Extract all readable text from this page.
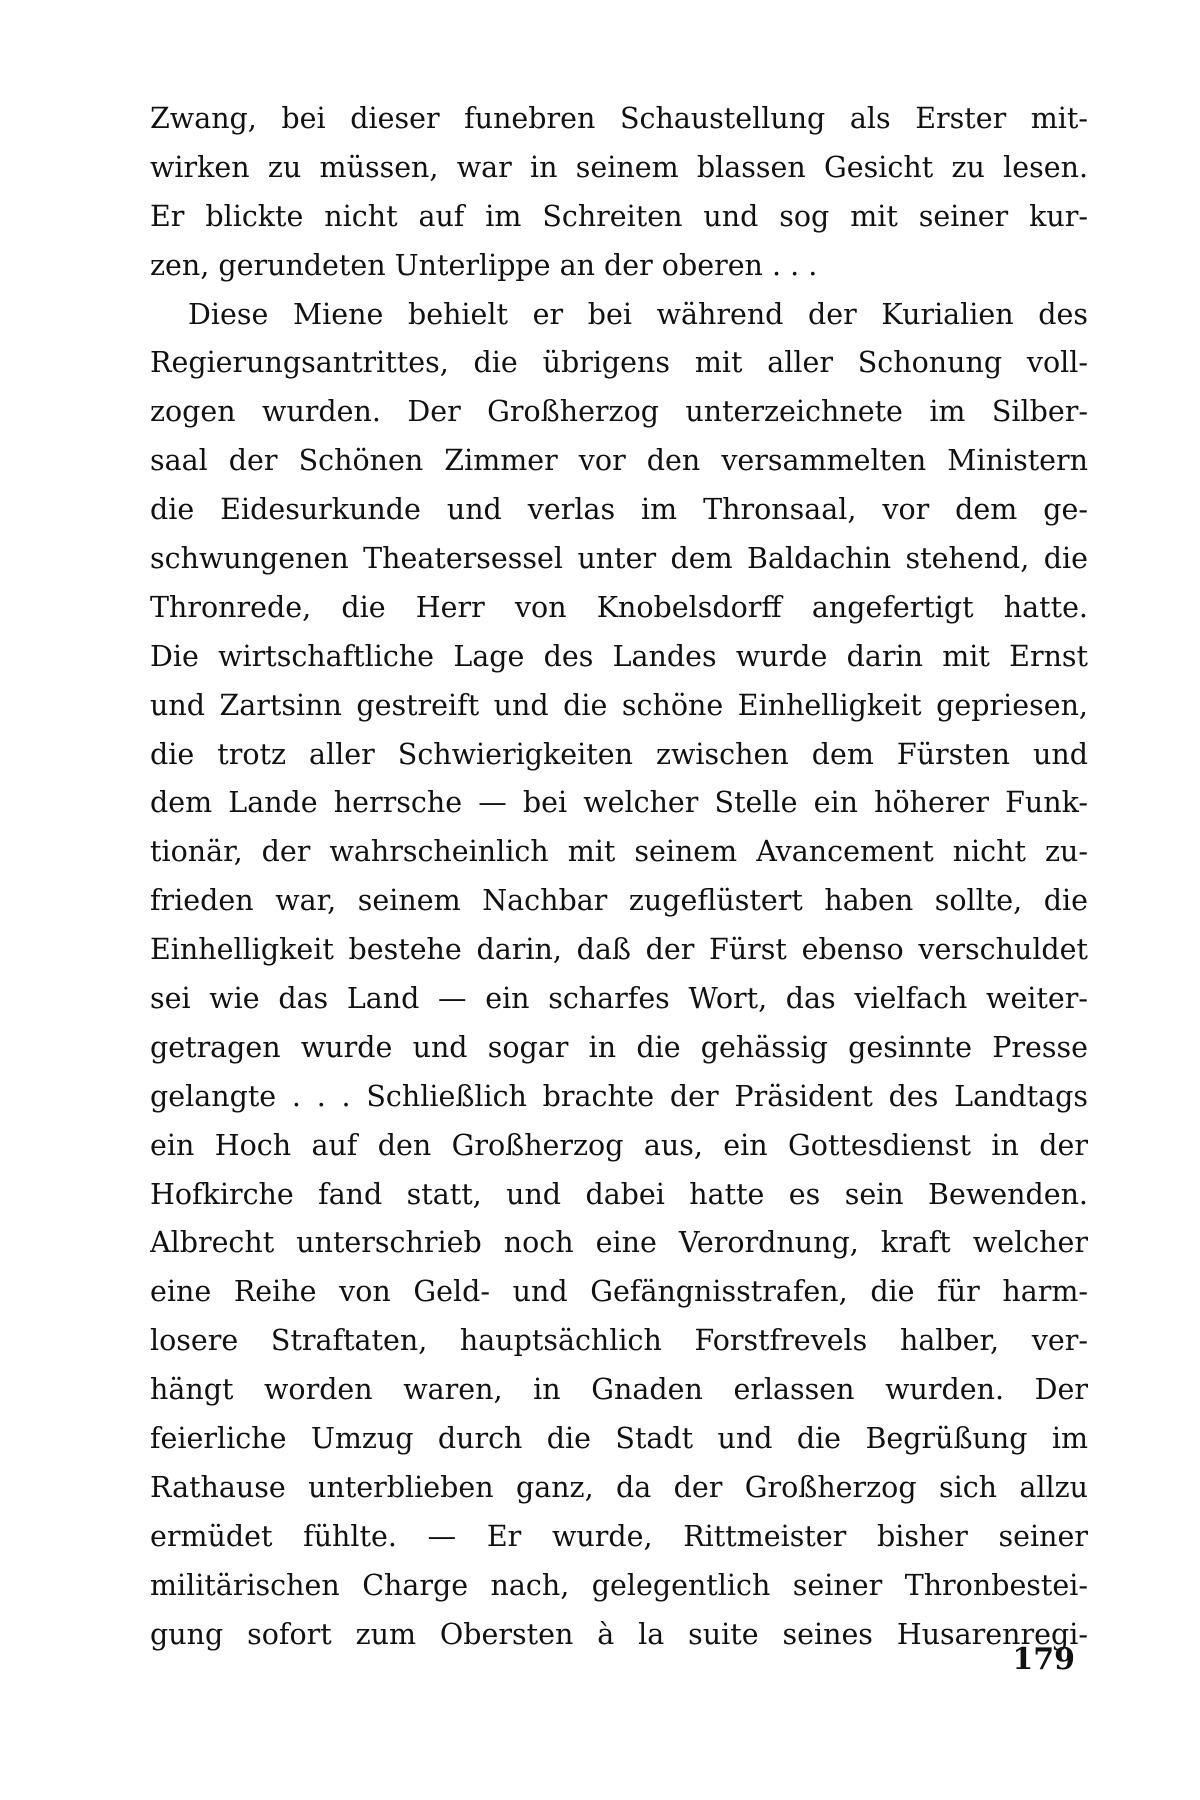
Zwang, bei dieser funebren Schaustellung als Erster mit-
wirken zu müssen, war in seinem blassen Gesicht zu lesen.
Er blickte nicht auf im Schreiten und sog mit seiner kur-
zen, gerundeten Unterlippe an der oberen . . .
Diese Miene behielt er bei während der Kurialien des
Regierungsantrittes, die übrigens mit aller Schonung voll-
zogen wurden. Der Großherzog unterzeichnete im Silber-
saal der Schönen Zimmer vor den versammelten Ministern
die Eidesurkunde und verlas im Thronsaal, vor dem ge-
schwungenen Theatersessel unter dem Baldachin stehend, die
Thronrede, die Herr von Knobelsdorff angefertigt hatte.
Die wirtschaftliche Lage des Landes wurde darin mit Ernst
und Zartsinn gestreift und die schöne Einhelligkeit gepriesen,
die trotz aller Schwierigkeiten zwischen dem Fürsten und
dem Lande herrsche — bei welcher Stelle ein höherer Funk-
tionär, der wahrscheinlich mit seinem Avancement nicht zu-
frieden war, seinem Nachbar zugeflüstert haben sollte, die
Einhelligkeit bestehe darin, daß der Fürst ebenso verschuldet
sei wie das Land — ein scharfes Wort, das vielfach weiter-
getragen wurde und sogar in die gehässig gesinnte Presse
gelangte . . . Schließlich brachte der Präsident des Landtags
ein Hoch auf den Großherzog aus, ein Gottesdienst in der
Hofkirche fand statt, und dabei hatte es sein Bewenden.
Albrecht unterschrieb noch eine Verordnung, kraft welcher
eine Reihe von Geld- und Gefängnisstrafen, die für harm-
losere Straftaten, hauptsächlich Forstfrevels halber, ver-
hängt worden waren, in Gnaden erlassen wurden. Der
feierliche Umzug durch die Stadt und die Begrüßung im
Rathause unterblieben ganz, da der Großherzog sich allzu
ermüdet fühlte. — Er wurde, Rittmeister bisher seiner
militärischen Charge nach, gelegentlich seiner Thronbestei-
gung sofort zum Obersten à la suite seines Husarenregi-
179
